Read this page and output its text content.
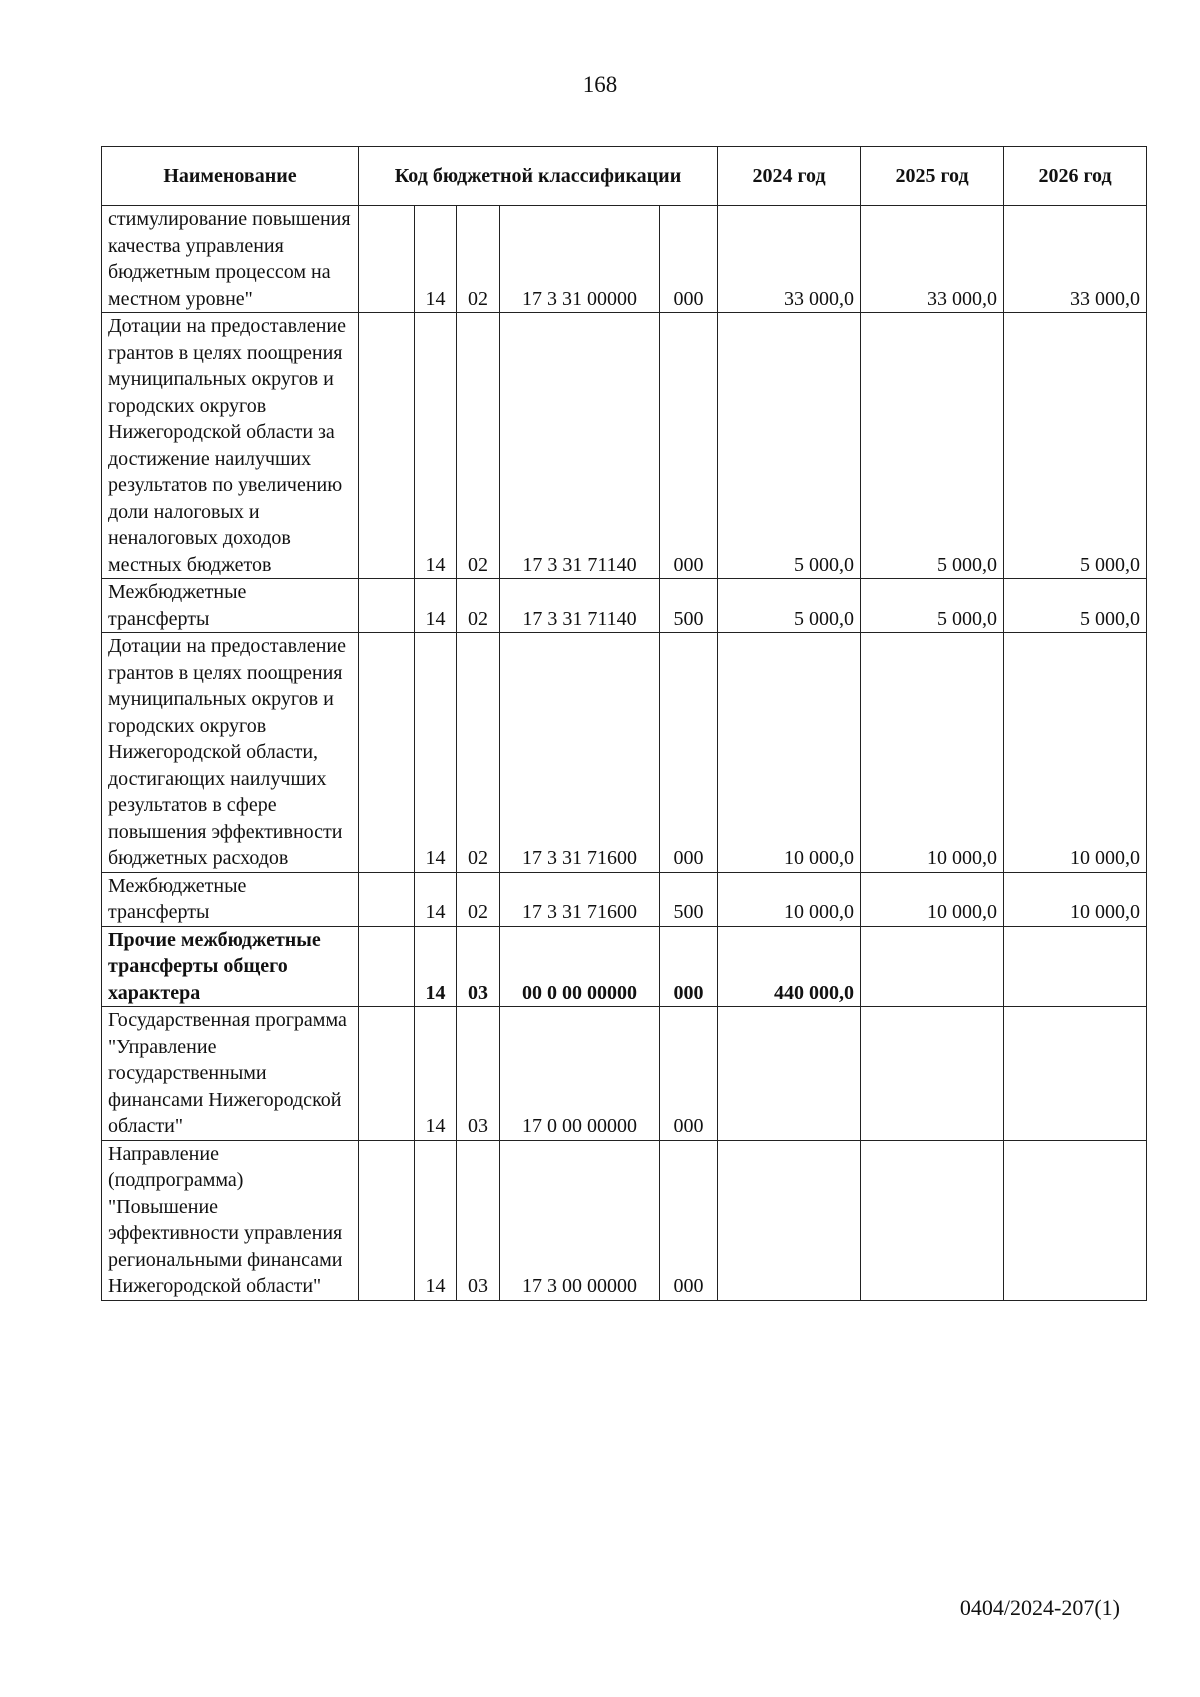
168
Наименование	Код бюджетной классификации					2024 год	2025 год	2026 год
стимулирование повышения качества управления бюджетным процессом на местном уровне"		14	02	17 3 31 00000	000	33 000,0	33 000,0	33 000,0
Дотации на предоставление грантов в целях поощрения муниципальных округов и городских округов Нижегородской области за достижение наилучших результатов по увеличению доли налоговых и неналоговых доходов местных бюджетов		14	02	17 3 31 71140	000	5 000,0	5 000,0	5 000,0
Межбюджетные трансферты		14	02	17 3 31 71140	500	5 000,0	5 000,0	5 000,0
Дотации на предоставление грантов в целях поощрения муниципальных округов и городских округов Нижегородской области, достигающих наилучших результатов в сфере повышения эффективности бюджетных расходов		14	02	17 3 31 71600	000	10 000,0	10 000,0	10 000,0
Межбюджетные трансферты		14	02	17 3 31 71600	500	10 000,0	10 000,0	10 000,0
Прочие межбюджетные трансферты общего характера		14	03	00 0 00 00000	000	440 000,0		
Государственная программа "Управление государственными финансами Нижегородской области"		14	03	17 0 00 00000	000			
Направление (подпрограмма) "Повышение эффективности управления региональными финансами Нижегородской области"		14	03	17 3 00 00000	000			
0404/2024-207(1)
